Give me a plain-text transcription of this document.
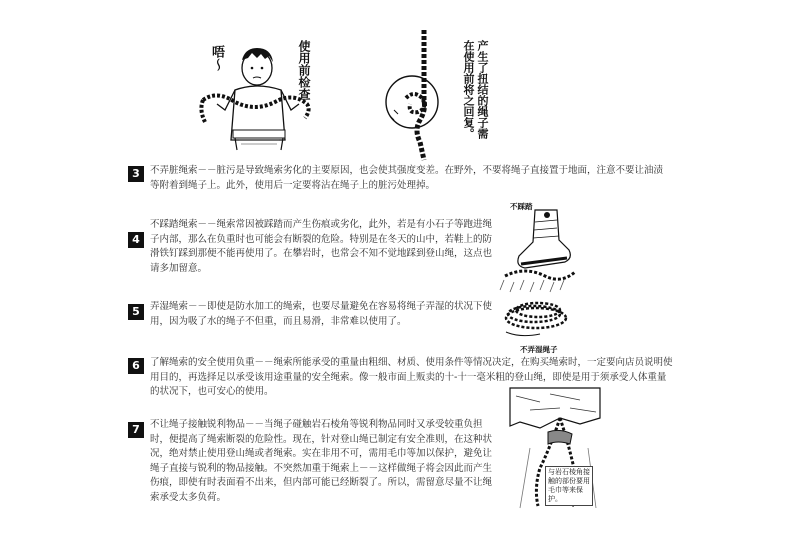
唔～	使用前检查	产生了扭结的绳子需
在使用前将之回复。
3	不弄脏绳索－－脏污是导致绳索劣化的主要原因，也会使其强度变差。在野外，不要将绳子直接置于地面，注意不要让油渍等附着到绳子上。此外，使用后一定要将沾在绳子上的脏污处理掉。
4
不踩踏绳索－－绳索常因被踩踏而产生伤痕或劣化，此外，若是有小石子等跑进绳子内部，那么在负重时也可能会有断裂的危险。特别是在冬天的山中，若鞋上的防滑铁钉踩到那便不能再使用了。在攀岩时，也常会不知不觉地踩到登山绳，这点也请多加留意。
不踩踏
5	弄湿绳索－－即使是防水加工的绳索，也要尽量避免在容易将绳子弄湿的状况下使用，因为吸了水的绳子不但重，而且易滑，非常难以使用了。
不弄湿绳子
6	了解绳索的安全使用负重－－绳索所能承受的重量由粗细、材质、使用条件等情况决定，在购买绳索时，一定要向店员说明使用目的，再选择足以承受该用途重量的安全绳索。像一般市面上贩卖的十-十一毫米粗的登山绳，即使是用于须承受人体重量的状况下，也可安心的使用。
7	不让绳子接触锐利物品－－当绳子碰触岩石棱角等锐利物品同时又承受较重负担时，便提高了绳索断裂的危险性。现在，针对登山绳已制定有安全准则，在这种状况，绝对禁止使用登山绳或者绳索。实在非用不可，需用毛巾等加以保护，避免让绳子直接与锐利的物品接触。不突然加重于绳索上－－这样做绳子将会因此而产生伤痕，即使有时表面看不出来，但内部可能已经断裂了。所以，需留意尽量不让绳索承受太多负荷。
与岩石棱角接触的部份要用毛巾等来保护。
